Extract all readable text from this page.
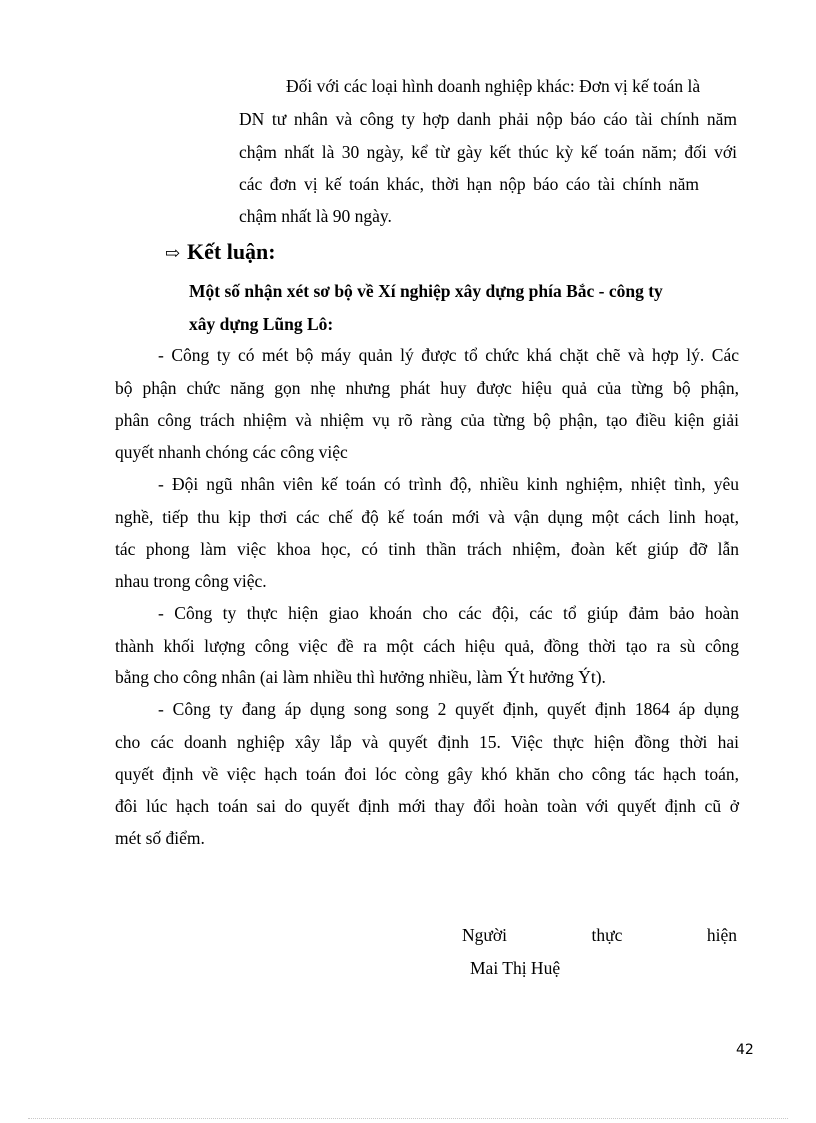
Đối với các loại hình doanh nghiệp khác: Đơn vị kế toán là

DN tư nhân và công ty hợp danh phải nộp báo cáo tài chính năm

chậm nhất là 30 ngày, kể từ gày kết thúc kỳ kế toán năm; đối với

các đơn vị kế toán khác, thời hạn nộp báo cáo tài chính năm

chậm nhất là 90 ngày.

⇨ Kết luận:

Một số nhận xét sơ bộ về Xí nghiệp xây dựng phía Bắc - công ty

xây dựng Lũng Lô:

- Công ty có mét bộ máy quản lý được tổ chức khá chặt chẽ và hợp lý. Các

bộ phận chức năng gọn nhẹ nhưng phát huy được hiệu quả của từng bộ phận,

phân công trách nhiệm và nhiệm vụ rõ ràng của từng bộ phận, tạo điều kiện giải

quyết nhanh chóng các công việc

- Đội ngũ nhân viên kế toán có trình độ, nhiều kinh nghiệm, nhiệt tình, yêu

nghề, tiếp thu kịp thơi các chế độ kế toán mới và vận dụng một cách linh hoạt,

tác phong làm việc khoa học, có tinh thần trách nhiệm, đoàn kết giúp đỡ lẫn

nhau trong công việc.

- Công ty thực hiện giao khoán cho các đội, các tổ giúp đảm bảo hoàn

thành khối lượng công việc đề ra một cách hiệu quả, đồng thời tạo ra sù công

bằng cho công nhân (ai làm nhiều thì hưởng nhiều, làm Ýt hưởng Ýt).

- Công ty đang áp dụng song song 2 quyết định, quyết định 1864 áp dụng

cho các doanh nghiệp xây lắp và quyết định 15. Việc thực hiện đồng thời hai

quyết định về việc hạch toán đoi lóc còng gây khó khăn cho công tác hạch toán,

đôi lúc hạch toán sai do quyết định mới thay đổi hoàn toàn với quyết định cũ ở

mét số điểm.

Người	thực	hiện

Mai Thị Huệ

42
